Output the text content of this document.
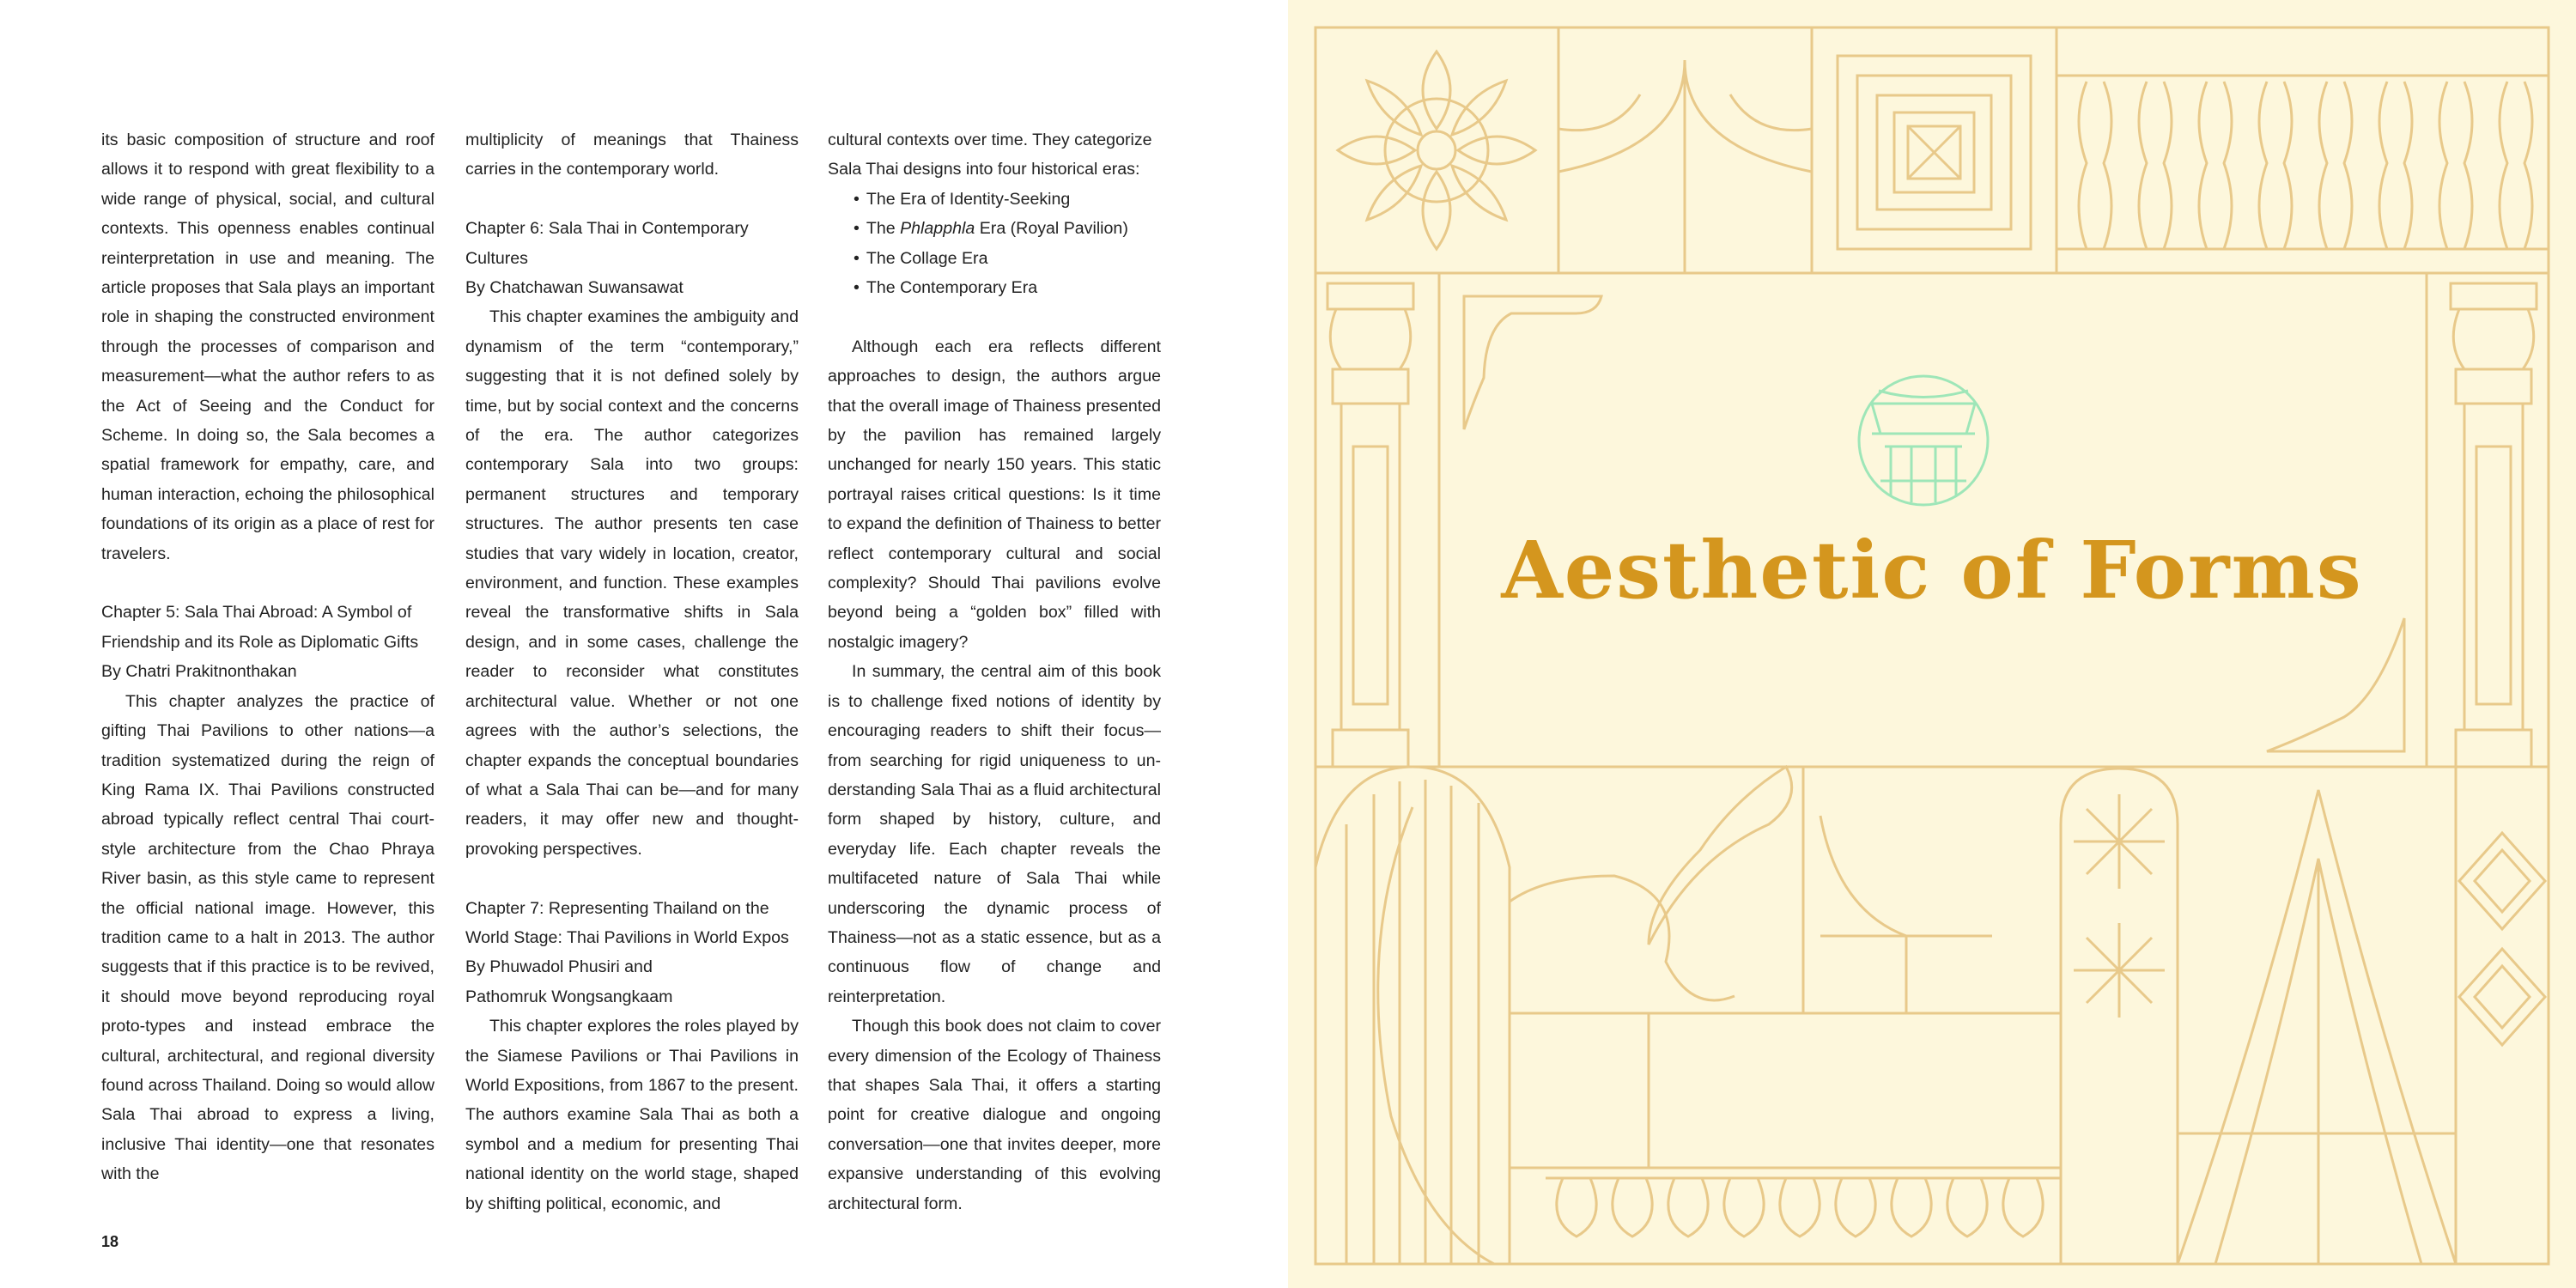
its basic composition of structure and roof allows it to respond with great flexibility to a wide range of physical, social, and cultural contexts. This openness enables continual reinterpretation in use and meaning. The article proposes that Sala plays an important role in shaping the constructed environment through the processes of comparison and measurement—what the author refers to as the Act of Seeing and the Conduct for Scheme. In doing so, the Sala becomes a spatial framework for empathy, care, and human interaction, echoing the philosophical foundations of its origin as a place of rest for travelers.

Chapter 5: Sala Thai Abroad: A Symbol of Friendship and its Role as Diplomatic Gifts

By Chatri Prakitnonthakan

This chapter analyzes the practice of gifting Thai Pavilions to other nations—a tradition systematized during the reign of King Rama IX. Thai Pavilions constructed abroad typically reflect central Thai court-style architecture from the Chao Phraya River basin, as this style came to represent the official national image. However, this tradition came to a halt in 2013. The author suggests that if this practice is to be revived, it should move beyond reproducing royal proto-types and instead embrace the cultural, architectural, and regional diversity found across Thailand. Doing so would allow Sala Thai abroad to express a living, inclusive Thai identity—one that resonates with the

multiplicity of meanings that Thainess carries in the contemporary world.

Chapter 6: Sala Thai in Contemporary Cultures

By Chatchawan Suwansawat

This chapter examines the ambiguity and dynamism of the term “contemporary,” suggesting that it is not defined solely by time, but by social context and the concerns of the era. The author categorizes contemporary Sala into two groups: permanent structures and temporary structures. The author presents ten case studies that vary widely in location, creator, environment, and function. These examples reveal the transformative shifts in Sala design, and in some cases, challenge the reader to reconsider what constitutes architectural value. Whether or not one agrees with the author’s selections, the chapter expands the conceptual boundaries of what a Sala Thai can be—and for many readers, it may offer new and thought-provoking perspectives.

Chapter 7: Representing Thailand on the World Stage: Thai Pavilions in World Expos

By Phuwadol Phusiri and

Pathomruk Wongsangkaam

This chapter explores the roles played by the Siamese Pavilions or Thai Pavilions in World Expositions, from 1867 to the present. The authors examine Sala Thai as both a symbol and a medium for presenting Thai national identity on the world stage, shaped by shifting political, economic, and

cultural contexts over time. They categorize Sala Thai designs into four historical eras:

• The Era of Identity-Seeking
• The Phlapphla Era (Royal Pavilion)
• The Collage Era
• The Contemporary Era

Although each era reflects different approaches to design, the authors argue that the overall image of Thainess presented by the pavilion has remained largely unchanged for nearly 150 years. This static portrayal raises critical questions: Is it time to expand the definition of Thainess to better reflect contemporary cultural and social complexity? Should Thai pavilions evolve beyond being a “golden box” filled with nostalgic imagery?

In summary, the central aim of this book is to challenge fixed notions of identity by encouraging readers to shift their focus—from searching for rigid uniqueness to un-derstanding Sala Thai as a fluid architectural form shaped by history, culture, and everyday life. Each chapter reveals the multifaceted nature of Sala Thai while underscoring the dynamic process of Thainess—not as a static essence, but as a continuous flow of change and reinterpretation.

Though this book does not claim to cover every dimension of the Ecology of Thainess that shapes Sala Thai, it offers a starting point for creative dialogue and ongoing conversation—one that invites deeper, more expansive understanding of this evolving architectural form.

18
Aesthetic of Forms
